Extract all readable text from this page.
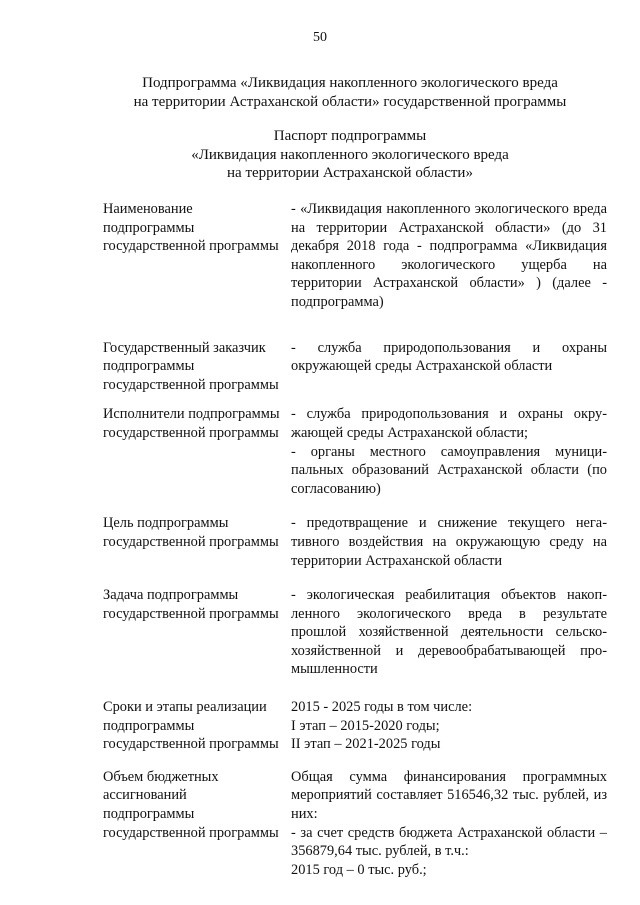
50
Подпрограмма «Ликвидация накопленного экологического вреда
на территории Астраханской области» государственной программы
Паспорт подпрограммы
«Ликвидация накопленного экологического вреда
на территории Астраханской области»
Наименование
подпрограммы
государственной программы
- «Ликвидация накопленного экологического вреда на территории Астраханской области» (до 31 декабря 2018 года - подпрограмма «Ликвидация накопленного экологического ущерба на территории Астраханской области» ) (далее - подпрограмма)
Государственный заказчик
подпрограммы
государственной программы
- служба природопользования и охраны окружающей среды Астраханской области
Исполнители подпрограммы
государственной программы
- служба природопользования и охраны окружающей среды Астраханской области;
- органы местного самоуправления муниципальных образований Астраханской области (по согласованию)
Цель подпрограммы
государственной программы
- предотвращение и снижение текущего негативного воздействия на окружающую среду на территории Астраханской области
Задача подпрограммы
государственной программы
- экологическая реабилитация объектов накопленного экологического вреда в результате прошлой хозяйственной деятельности сельскохозяйственной и деревообрабатывающей промышленности
Сроки и этапы реализации
подпрограммы
государственной программы
2015 - 2025 годы в том числе:
I этап – 2015-2020 годы;
II этап – 2021-2025 годы
Объем бюджетных
ассигнований
подпрограммы
государственной программы
Общая сумма финансирования программных мероприятий составляет 516546,32 тыс. рублей, из них:
- за счет средств бюджета Астраханской области – 356879,64 тыс. рублей, в т.ч.:
2015 год – 0 тыс. руб.;
